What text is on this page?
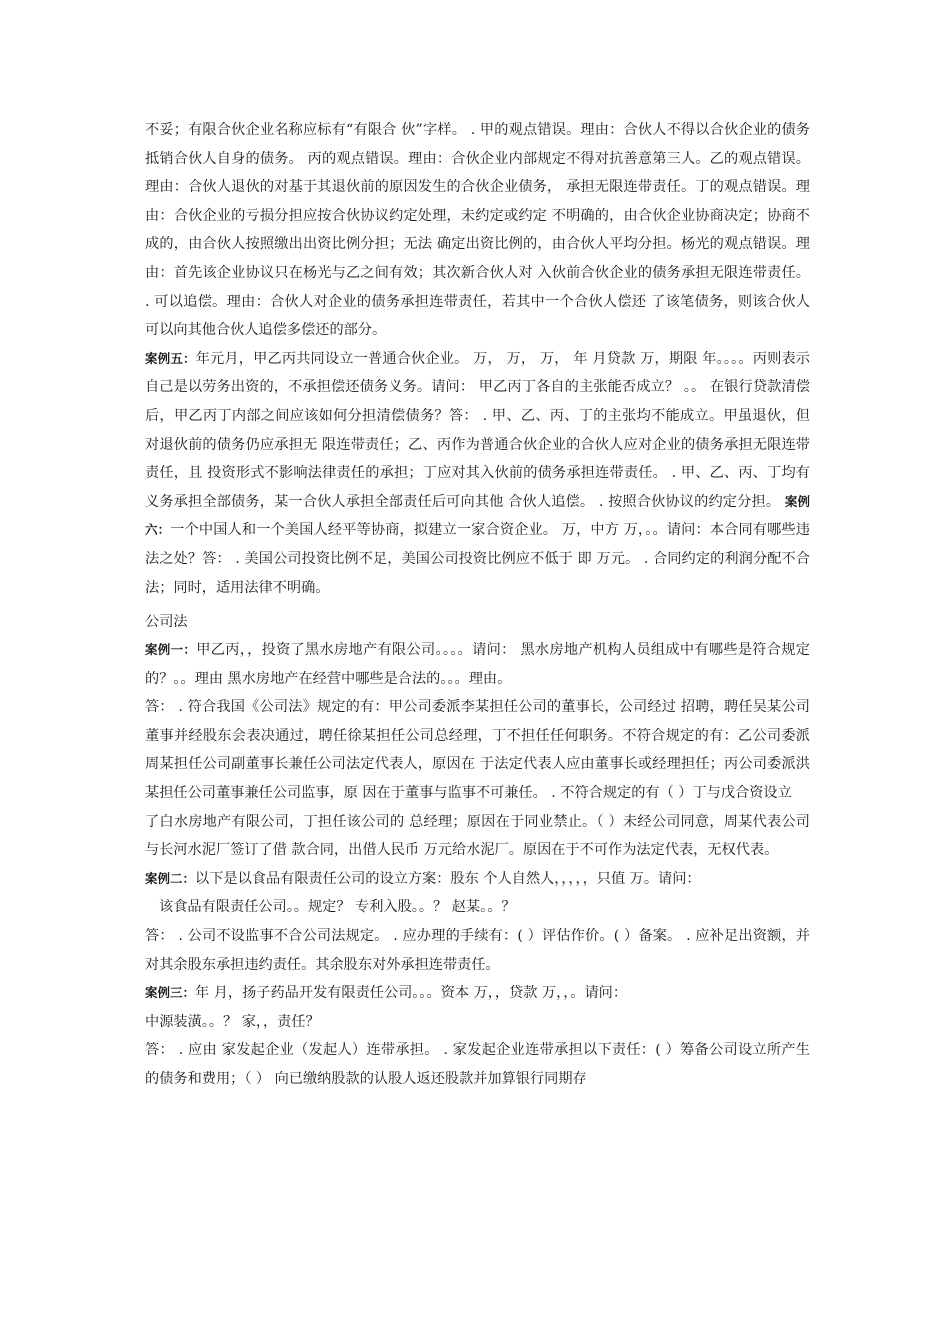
不妥；有限合伙企业名称应标有“有限合 伙”字样。 . 甲的观点错误。理由：合伙人不得以合伙企业的债务抵销合伙人自身的债务。 丙的观点错误。理由：合伙企业内部规定不得对抗善意第三人。乙的观点错误。理由：合伙人退伙的对基于其退伙前的原因发生的合伙企业债务， 承担无限连带责任。丁的观点错误。理由：合伙企业的亏损分担应按合伙协议约定处理，未约定或约定 不明确的，由合伙企业协商决定；协商不成的，由合伙人按照缴出出资比例分担；无法 确定出资比例的，由合伙人平均分担。杨光的观点错误。理由：首先该企业协议只在杨光与乙之间有效；其次新合伙人对 入伙前合伙企业的债务承担无限连带责任。 . 可以追偿。理由：合伙人对企业的债务承担连带责任，若其中一个合伙人偿还 了该笔债务，则该合伙人可以向其他合伙人追偿多偿还的部分。

案例五：年元月，甲乙丙共同设立一普通合伙企业。 万， 万， 万， 年 月贷款 万，期限 年。。。。丙则表示自己是以劳务出资的，不承担偿还债务义务。请问： 甲乙丙丁各自的主张能否成立？ 。。 在银行贷款清偿后，甲乙丙丁内部之间应该如何分担清偿债务？答： . 甲、乙、丙、丁的主张均不能成立。甲虽退伙，但对退伙前的债务仍应承担无 限连带责任；乙、丙作为普通合伙企业的合伙人应对企业的债务承担无限连带责任，且 投资形式不影响法律责任的承担；丁应对其入伙前的债务承担连带责任。 . 甲、乙、丙、丁均有义务承担全部债务，某一合伙人承担全部责任后可向其他 合伙人追偿。 . 按照合伙协议的约定分担。 案例六：一个中国人和一个美国人经平等协商，拟建立一家合资企业。 万，中方 万，。。请问：本合同有哪些违法之处？答： . 美国公司投资比例不足，美国公司投资比例应不低于 即 万元。 . 合同约定的利润分配不合法；同时，适用法律不明确。

公司法

案例一：甲乙丙，，投资了黑水房地产有限公司。。。。请问： 黑水房地产机构人员组成中有哪些是符合规定的？。。理由 黑水房地产在经营中哪些是合法的。。。理由。

答： . 符合我国《公司法》规定的有：甲公司委派李某担任公司的董事长，公司经过 招聘，聘任吴某公司董事并经股东会表决通过，聘任徐某担任公司总经理，丁不担任任何职务。不符合规定的有：乙公司委派周某担任公司副董事长兼任公司法定代表人，原因在 于法定代表人应由董事长或经理担任；丙公司委派洪某担任公司董事兼任公司监事，原 因在于董事与监事不可兼任。 . 不符合规定的有（ ）丁与戊合资设立

了白水房地产有限公司，丁担任该公司的 总经理；原因在于同业禁止。（ ）未经公司同意，周某代表公司与长河水泥厂签订了借 款合同，出借人民币 万元给水泥厂。原因在于不可作为法定代表，无权代表。

案例二：以下是以食品有限责任公司的设立方案：股东 个人自然人，，，，，只值 万。请问：

该食品有限责任公司。。规定？ 专利入股。。？ 赵某。。？

答： . 公司不设监事不合公司法规定。 . 应办理的手续有：( ）评估作价。( ）备案。 . 应补足出资额，并对其余股东承担违约责任。其余股东对外承担连带责任。

案例三：年 月，扬子药品开发有限责任公司。。。资本 万，，贷款 万，，。请问：

中源装潢。。？ 家，，责任？

答： . 应由 家发起企业（发起人）连带承担。 . 家发起企业连带承担以下责任：( ）筹备公司设立所产生的债务和费用；（ ） 向已缴纳股款的认股人返还股款并加算银行同期存
